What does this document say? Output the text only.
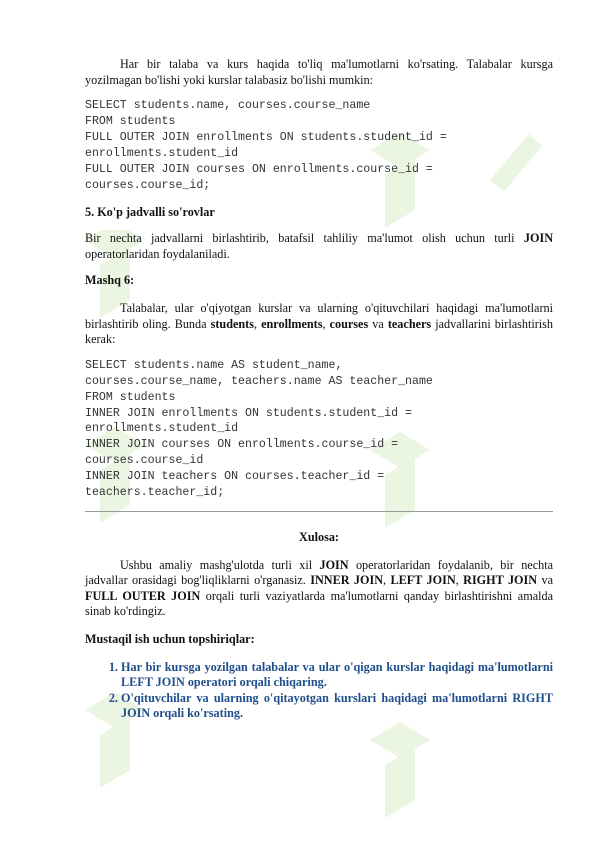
Har bir talaba va kurs haqida to'liq ma'lumotlarni ko'rsating. Talabalar kursga yozilmagan bo'lishi yoki kurslar talabasiz bo'lishi mumkin:

SELECT students.name, courses.course_name
FROM students
FULL OUTER JOIN enrollments ON students.student_id =
enrollments.student_id
FULL OUTER JOIN courses ON enrollments.course_id =
courses.course_id;

5. Ko'p jadvalli so'rovlar

Bir nechta jadvallarni birlashtirib, batafsil tahliliy ma'lumot olish uchun turli JOIN operatorlaridan foydalaniladi.

Mashq 6:

Talabalar, ular o'qiyotgan kurslar va ularning o'qituvchilari haqidagi ma'lumotlarni birlashtirib oling. Bunda students, enrollments, courses va teachers jadvallarini birlashtirish kerak:

SELECT students.name AS student_name,
courses.course_name, teachers.name AS teacher_name
FROM students
INNER JOIN enrollments ON students.student_id =
enrollments.student_id
INNER JOIN courses ON enrollments.course_id =
courses.course_id
INNER JOIN teachers ON courses.teacher_id =
teachers.teacher_id;

Xulosa:

Ushbu amaliy mashg'ulotda turli xil JOIN operatorlaridan foydalanib, bir nechta jadvallar orasidagi bog'liqliklarni o'rganasiz. INNER JOIN, LEFT JOIN, RIGHT JOIN va FULL OUTER JOIN orqali turli vaziyatlarda ma'lumotlarni qanday birlashtirishni amalda sinab ko'rdingiz.

Mustaqil ish uchun topshiriqlar:

1. Har bir kursga yozilgan talabalar va ular o'qigan kurslar haqidagi ma'lumotlarni LEFT JOIN operatori orqali chiqaring.
2. O'qituvchilar va ularning o'qitayotgan kurslari haqidagi ma'lumotlarni RIGHT JOIN orqali ko'rsating.
